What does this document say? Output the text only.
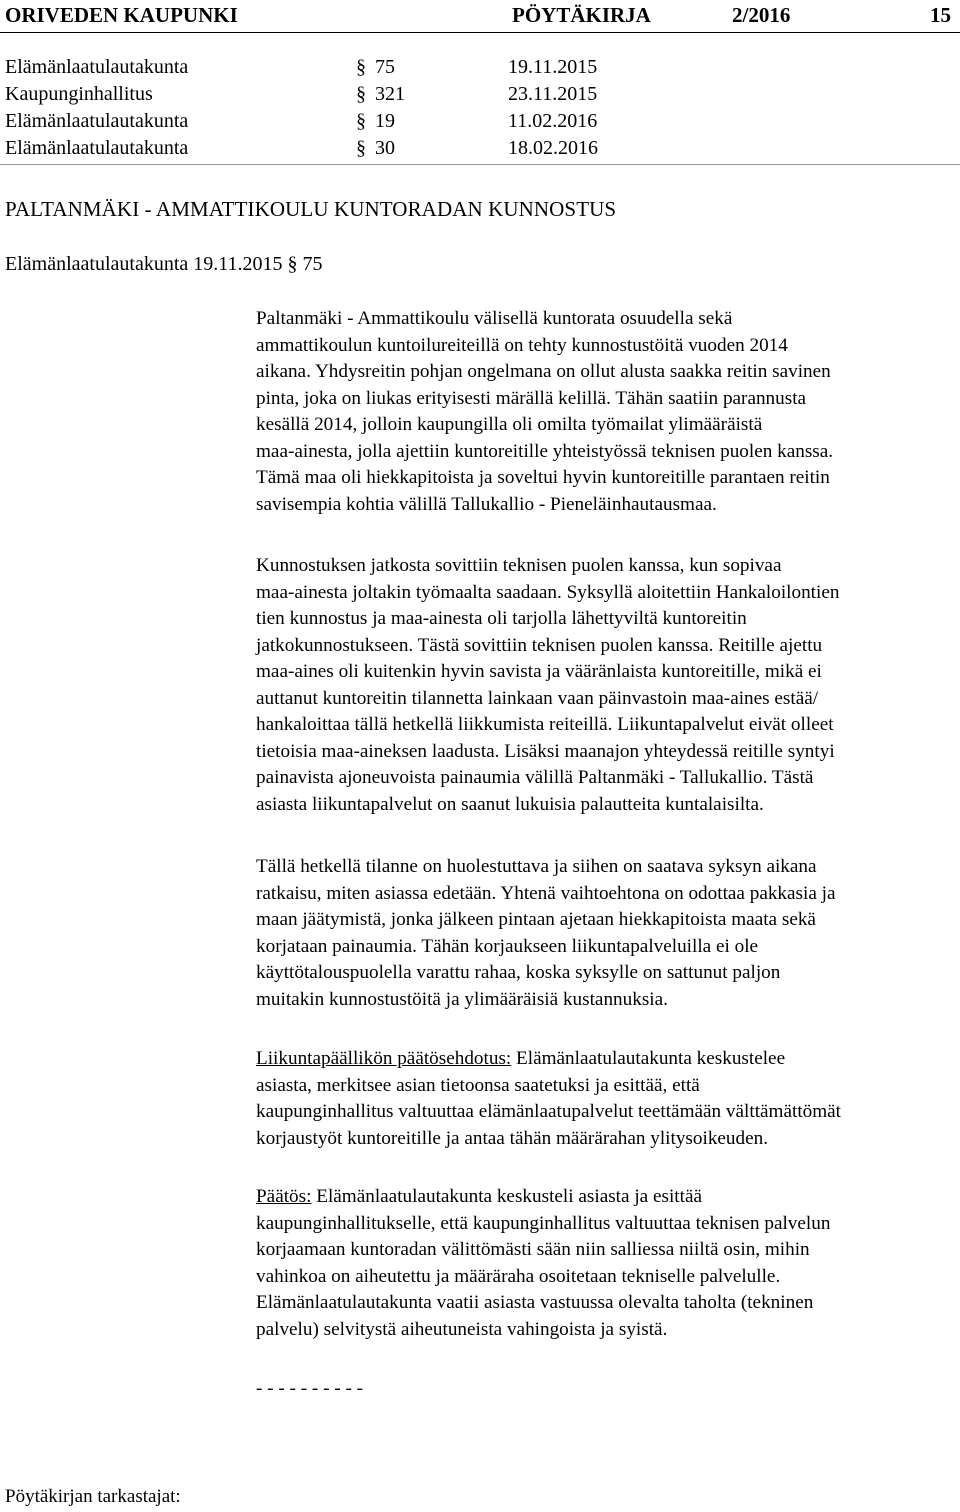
ORIVEDEN KAUPUNKI	PÖYTÄKIRJA	2/2016	15
Elämänlaatulautakunta	§ 75	19.11.2015
Kaupunginhallitus	§ 321	23.11.2015
Elämänlaatulautakunta	§ 19	11.02.2016
Elämänlaatulautakunta	§ 30	18.02.2016
PALTANMÄKI - AMMATTIKOULU KUNTORADAN KUNNOSTUS
Elämänlaatulautakunta 19.11.2015 § 75
Paltanmäki - Ammattikoulu välisellä kuntorata osuudella sekä
ammattikoulun kuntoilureiteillä on tehty kunnostustöitä vuoden 2014
aikana. Yhdysreitin pohjan ongelmana on ollut alusta saakka reitin savinen
pinta, joka on liukas erityisesti märällä kelillä. Tähän saatiin parannusta
kesällä 2014, jolloin kaupungilla oli omilta työmailat ylimääräistä
maa-ainesta, jolla ajettiin kuntoreitille yhteistyössä teknisen puolen kanssa.
Tämä maa oli hiekkapitoista ja soveltui hyvin kuntoreitille parantaen reitin
savisempia kohtia välillä Tallukallio - Pieneläinhautausmaa.
Kunnostuksen jatkosta sovittiin teknisen puolen kanssa, kun sopivaa
maa-ainesta joltakin työmaalta saadaan. Syksyllä aloitettiin Hankaloilontien
tien kunnostus ja maa-ainesta oli tarjolla lähettyviltä kuntoreitin
jatkokunnostukseen. Tästä sovittiin teknisen puolen kanssa. Reitille ajettu
maa-aines oli kuitenkin hyvin savista ja vääränlaista kuntoreitille, mikä ei
auttanut kuntoreitin tilannetta lainkaan vaan päinvastoin maa-aines estää/
hankaloittaa tällä hetkellä liikkumista reiteillä. Liikuntapalvelut eivät olleet
tietoisia maa-aineksen laadusta. Lisäksi maanajon yhteydessä reitille syntyi
painavista ajoneuvoista painaumia välillä Paltanmäki - Tallukallio. Tästä
asiasta liikuntapalvelut on saanut lukuisia palautteita kuntalaisilta.
Tällä hetkellä tilanne on huolestuttava ja siihen on saatava syksyn aikana
ratkaisu, miten asiassa edetään. Yhtenä vaihtoehtona on odottaa pakkasia ja
maan jäätymistä, jonka jälkeen pintaan ajetaan hiekkapitoista maata sekä
korjataan painaumia. Tähän korjaukseen liikuntapalveluilla ei ole
käyttötalouspuolella varattu rahaa, koska syksylle on sattunut paljon
muitakin kunnostustöitä ja ylimääräisiä kustannuksia.
Liikuntapäällikön päätösehdotus: Elämänlaatulautakunta keskustelee
asiasta, merkitsee asian tietoonsa saatetuksi ja esittää, että
kaupunginhallitus valtuuttaa elämänlaatupalvelut teettämään välttämättömät
korjaustyöt kuntoreitille ja antaa tähän määrärahan ylitysoikeuden.
Päätös: Elämänlaatulautakunta keskusteli asiasta ja esittää
kaupunginhallitukselle, että kaupunginhallitus valtuuttaa teknisen palvelun
korjaamaan kuntoradan välittömästi sään niin salliessa niiltä osin, mihin
vahinkoa on aiheutettu ja määräraha osoitetaan tekniselle palvelulle.
Elämänlaatulautakunta vaatii asiasta vastuussa olevalta taholta (tekninen
palvelu) selvitystä aiheutuneista vahingoista ja syistä.
- - - - - - - - - -
Pöytäkirjan tarkastajat:
